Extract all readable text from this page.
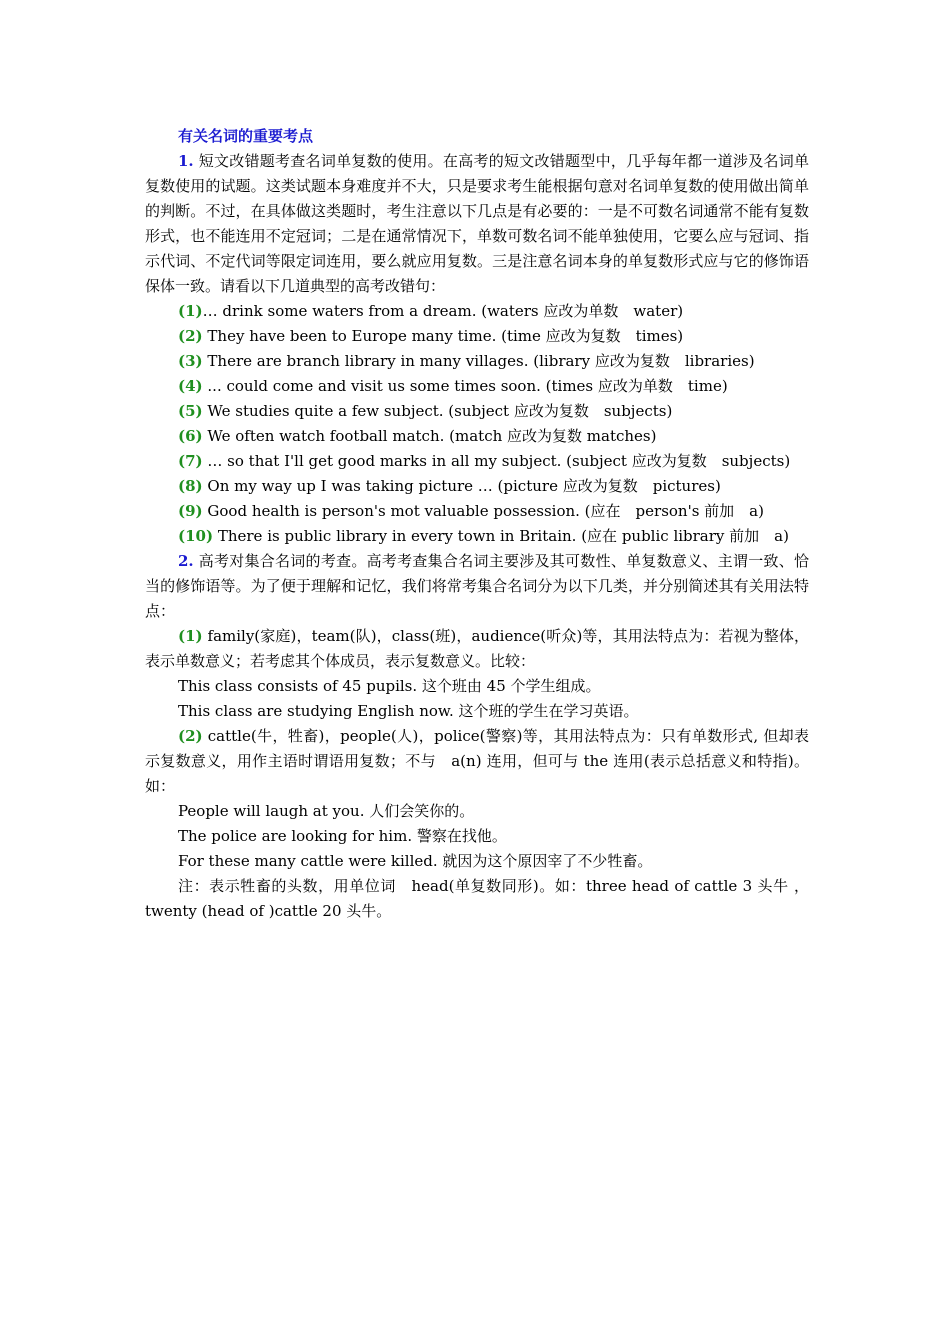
有关名词的重要考点
1. 短文改错题考查名词单复数的使用。在高考的短文改错题型中，几乎每年都一道涉及名词单复数使用的试题。这类试题本身难度并不大，只是要求考生能根据句意对名词单复数的使用做出简单的判断。不过，在具体做这类题时，考生注意以下几点是有必要的：一是不可数名词通常不能有复数形式，也不能连用不定冠词；二是在通常情况下，单数可数名词不能单独使用，它要么应与冠词、指示代词、不定代词等限定词连用，要么就应用复数。三是注意名词本身的单复数形式应与它的修饰语保体一致。请看以下几道典型的高考改错句：
(1)… drink some waters from a dream. (waters 应改为单数　water)
(2) They have been to Europe many time. (time 应改为复数　times)
(3) There are branch library in many villages. (library 应改为复数　libraries)
(4) ... could come and visit us some times soon. (times 应改为单数　time)
(5) We studies quite a few subject. (subject 应改为复数　subjects)
(6) We often watch football match. (match 应改为复数 matches)
(7) … so that I'll get good marks in all my subject. (subject 应改为复数　subjects)
(8) On my way up I was taking picture … (picture 应改为复数　pictures)
(9) Good health is person's mot valuable possession. (应在　person's 前加　a)
(10) There is public library in every town in Britain. (应在 public library 前加　a)
2. 高考对集合名词的考查。高考考查集合名词主要涉及其可数性、单复数意义、主谓一致、恰当的修饰语等。为了便于理解和记忆，我们将常考集合名词分为以下几类，并分别简述其有关用法特点：
(1) family(家庭)，team(队)，class(班)，audience(听众)等，其用法特点为：若视为整体，表示单数意义；若考虑其个体成员，表示复数意义。比较：
This class consists of 45 pupils. 这个班由 45 个学生组成。
This class are studying English now. 这个班的学生在学习英语。
(2) cattle(牛，牲畜)，people(人)，police(警察)等，其用法特点为：只有单数形式, 但却表示复数意义，用作主语时谓语用复数；不与　a(n) 连用，但可与 the 连用(表示总括意义和特指)。如：
People will laugh at you. 人们会笑你的。
The police are looking for him. 警察在找他。
For these many cattle were killed. 就因为这个原因宰了不少牲畜。
注：表示牲畜的头数，用单位词　head(单复数同形)。如：three head of cattle 3 头牛 ，twenty (head of )cattle 20 头牛。
